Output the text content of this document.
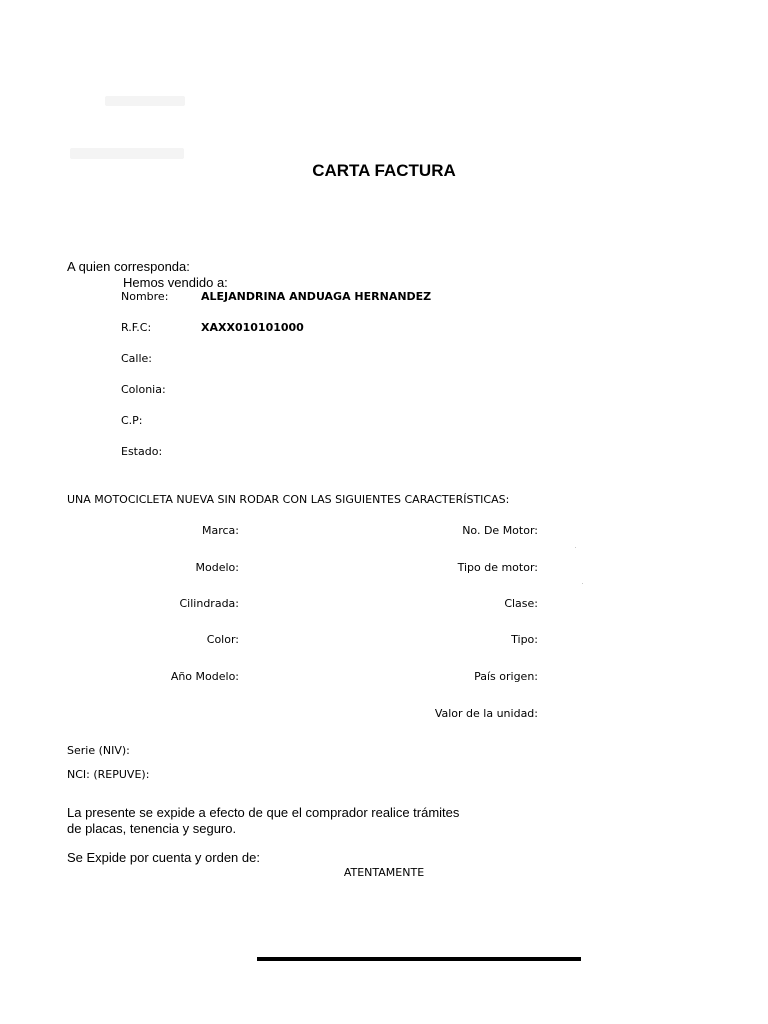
CARTA FACTURA
A quien corresponda:
Hemos vendido a:
Nombre:	ALEJANDRINA ANDUAGA HERNANDEZ
R.F.C:	XAXX010101000
Calle:
Colonia:
C.P:
Estado:
UNA MOTOCICLETA NUEVA SIN RODAR CON LAS SIGUIENTES CARACTERÍSTICAS:
Marca:
Modelo:
Cilindrada:
Color:
Año Modelo:
No. De Motor:
Tipo de motor:
Clase:
Tipo:
País origen:
Valor de la unidad:
Serie (NIV):
NCI: (REPUVE):
La presente se expide a efecto de que el comprador realice trámites
de placas, tenencia y seguro.
Se Expide por cuenta y orden de:
ATENTAMENTE
